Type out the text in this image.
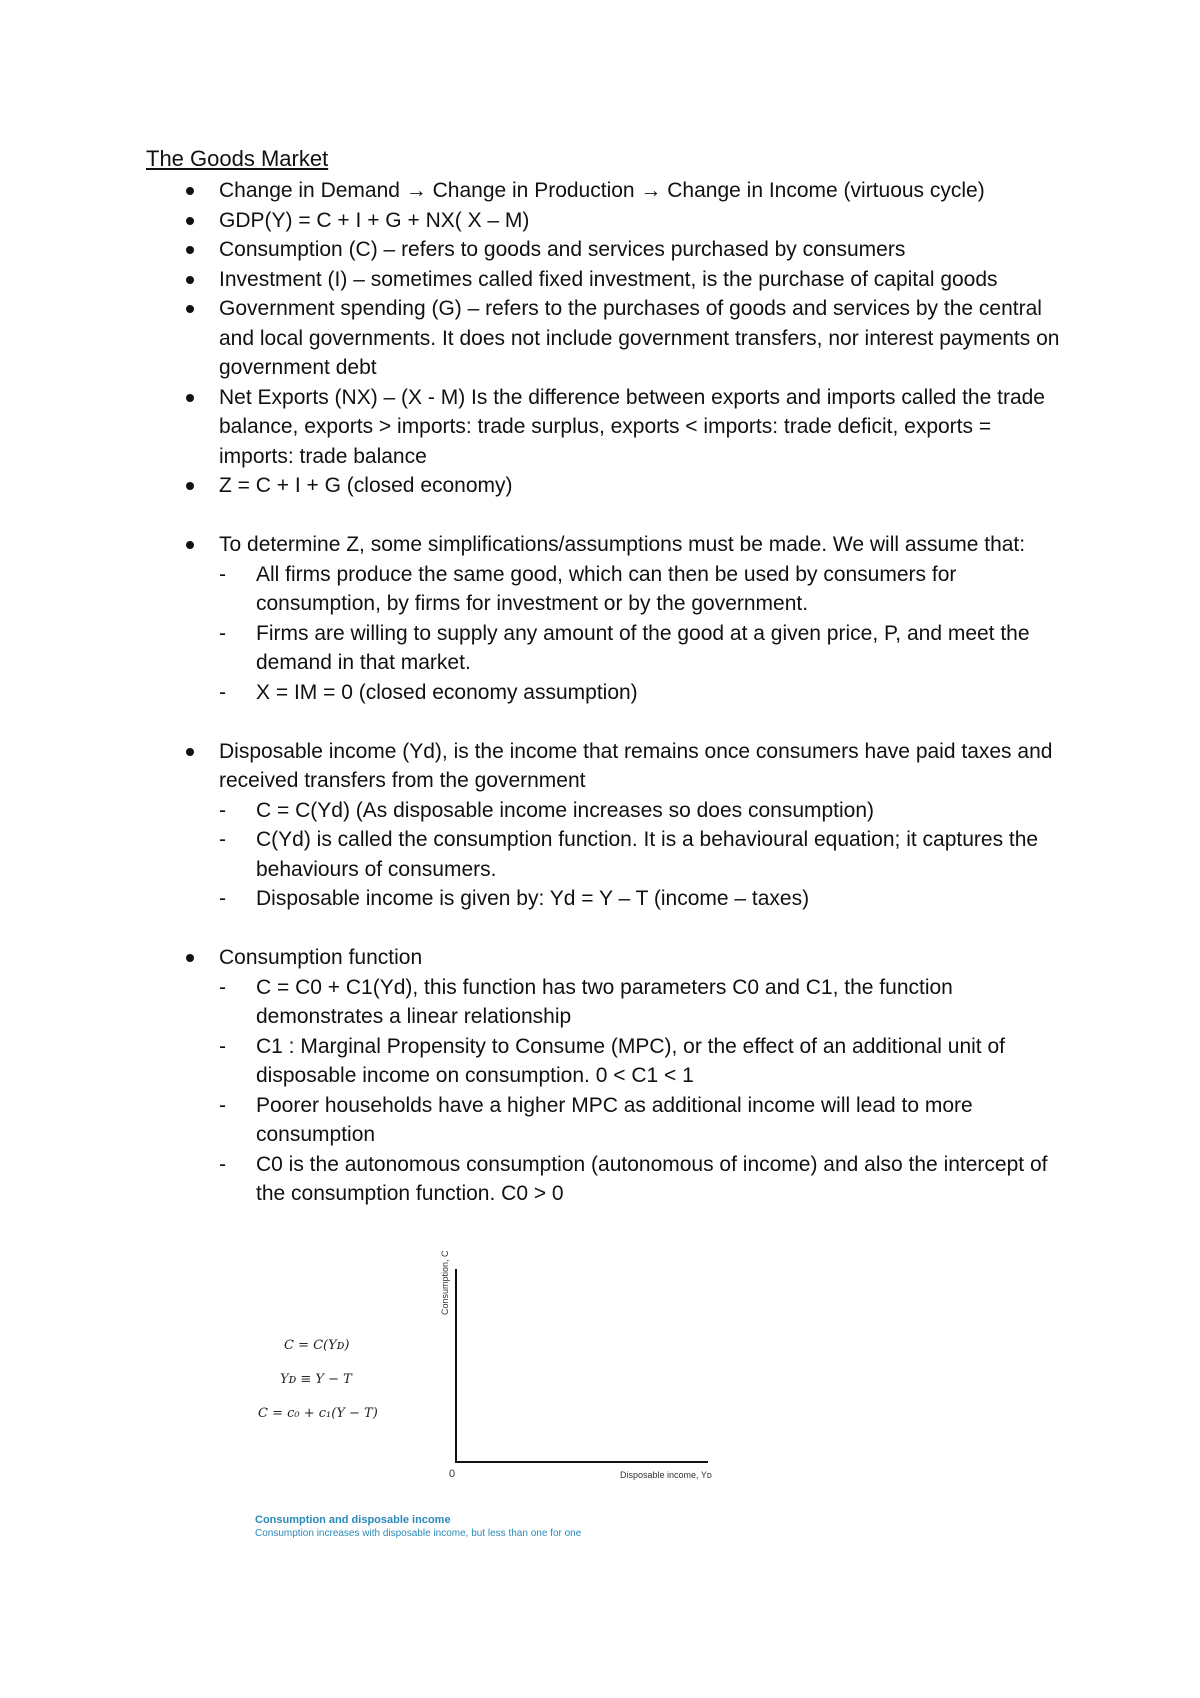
The Goods Market
Change in Demand → Change in Production → Change in Income (virtuous cycle)
GDP(Y) = C + I + G + NX( X – M)
Consumption (C) – refers to goods and services purchased by consumers
Investment (I) – sometimes called fixed investment, is the purchase of capital goods
Government spending (G) – refers to the purchases of goods and services by the central and local governments. It does not include government transfers, nor interest payments on government debt
Net Exports (NX) – (X - M) Is the difference between exports and imports called the trade balance, exports > imports: trade surplus, exports < imports: trade deficit, exports = imports: trade balance
Z = C + I + G (closed economy)
To determine Z, some simplifications/assumptions must be made. We will assume that:
- All firms produce the same good, which can then be used by consumers for consumption, by firms for investment or by the government.
- Firms are willing to supply any amount of the good at a given price, P, and meet the demand in that market.
- X = IM = 0 (closed economy assumption)
Disposable income (Yd), is the income that remains once consumers have paid taxes and received transfers from the government
- C = C(Yd) (As disposable income increases so does consumption)
- C(Yd) is called the consumption function. It is a behavioural equation; it captures the behaviours of consumers.
- Disposable income is given by: Yd = Y – T (income – taxes)
Consumption function
- C = C0 + C1(Yd), this function has two parameters C0 and C1, the function demonstrates a linear relationship
- C1 : Marginal Propensity to Consume (MPC), or the effect of an additional unit of disposable income on consumption. 0 < C1 < 1
- Poorer households have a higher MPC as additional income will lead to more consumption
- C0 is the autonomous consumption (autonomous of income) and also the intercept of the consumption function. C0 > 0
C = C(Yᴅ)
Yᴅ ≡ Y − T
C = c₀ + c₁(Y − T)
Consumption, C
0	Disposable income, Yᴅ
Consumption and disposable income
Consumption increases with disposable income, but less than one for one
